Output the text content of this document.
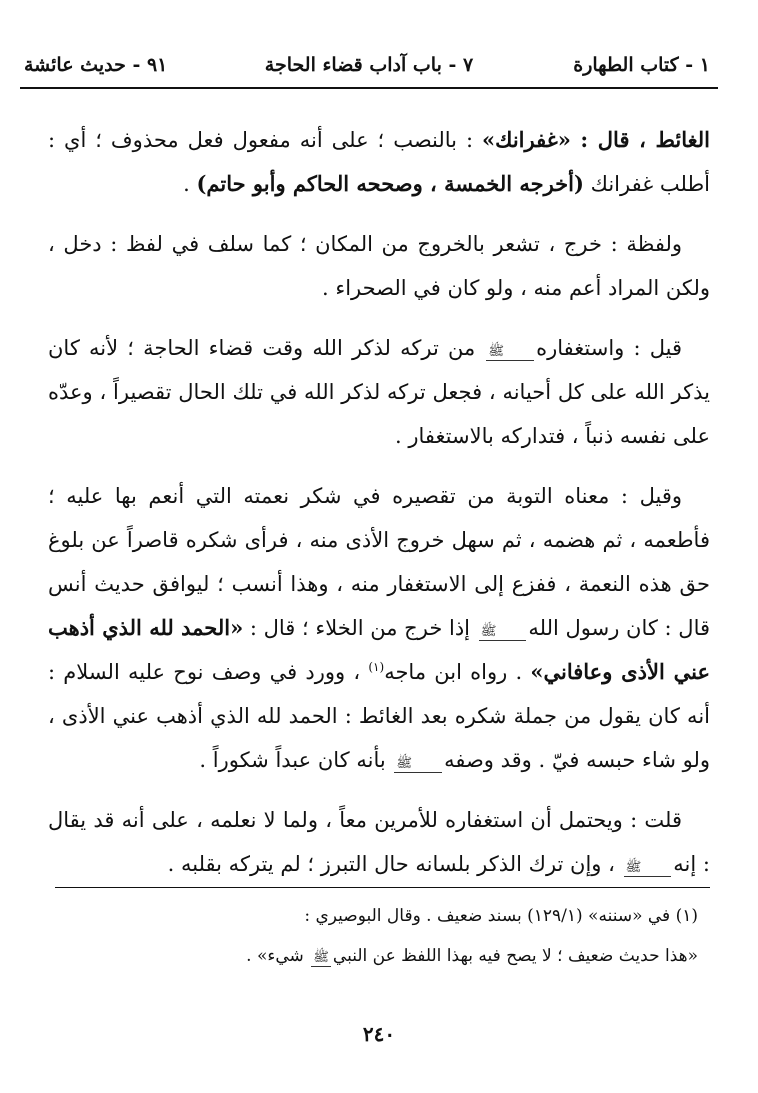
١ - كتاب الطهارة
٧ - باب آداب قضاء الحاجة
٩١ - حديث عائشة

الغائط ، قال : «غفرانك» : بالنصب ؛ على أنه مفعول فعل محذوف ؛ أي : أطلب غفرانك (أخرجه الخمسة ، وصححه الحاكم وأبو حاتم) .

ولفظة : خرج ، تشعر بالخروج من المكان ؛ كما سلف في لفظ : دخل ، ولكن المراد أعم منه ، ولو كان في الصحراء .

قيل : واستغفارهﷺ من تركه لذكر الله وقت قضاء الحاجة ؛ لأنه كان يذكر الله على كل أحيانه ، فجعل تركه لذكر الله في تلك الحال تقصيراً ، وعدّه على نفسه ذنباً ، فتداركه بالاستغفار .

وقيل : معناه التوبة من تقصيره في شكر نعمته التي أنعم بها عليه ؛ فأطعمه ، ثم هضمه ، ثم سهل خروج الأذى منه ، فرأى شكره قاصراً عن بلوغ حق هذه النعمة ، ففزع إلى الاستغفار منه ، وهذا أنسب ؛ ليوافق حديث أنس قال : كان رسول اللهﷺ إذا خرج من الخلاء ؛ قال : «الحمد لله الذي أذهب عني الأذى وعافاني» . رواه ابن ماجه$^{(١)}$ ، وورد في وصف نوح عليه السلام : أنه كان يقول من جملة شكره بعد الغائط : الحمد لله الذي أذهب عني الأذى ، ولو شاء حبسه فيّ . وقد وصفهﷺ بأنه كان عبداً شكوراً .

قلت : ويحتمل أن استغفاره للأمرين معاً ، ولما لا نعلمه ، على أنه قد يقال : إنهﷺ ، وإن ترك الذكر بلسانه حال التبرز ؛ لم يتركه بقلبه .

(١) في «سننه» (١٢٩/١) بسند ضعيف . وقال البوصيري :

«هذا حديث ضعيف ؛ لا يصح فيه بهذا اللفظ عن النبيﷺ شيء» .

٢٤٠
